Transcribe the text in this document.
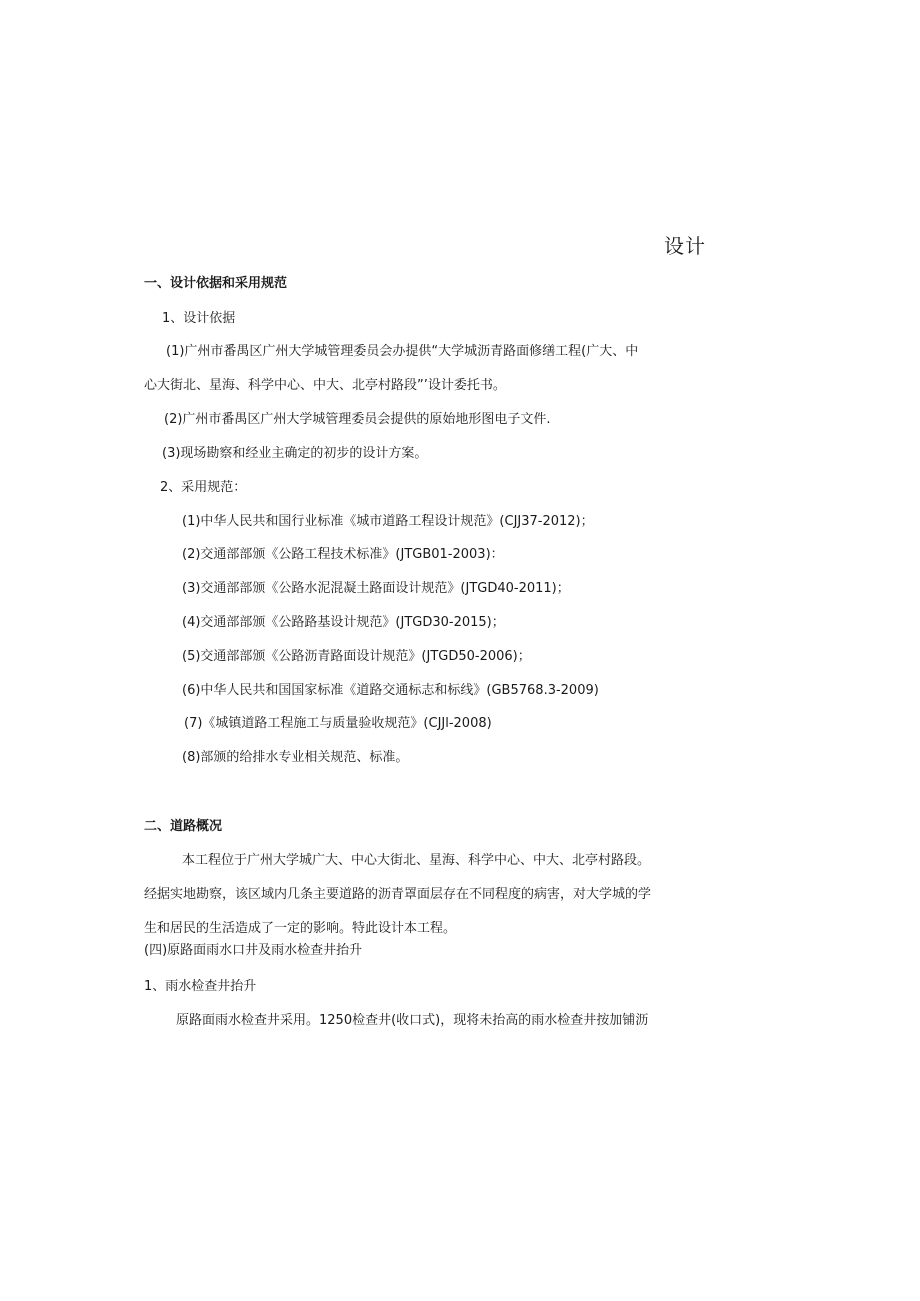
设计
一、设计依据和采用规范
1、设计依据
(1)广州市番禺区广州大学城管理委员会办提供“大学城沥青路面修缮工程(广大、中
心大街北、星海、科学中心、中大、北亭村路段”’设计委托书。
(2)广州市番禺区广州大学城管理委员会提供的原始地形图电子文件.
(3)现场勘察和经业主确定的初步的设计方案。
2、采用规范：
(1)中华人民共和国行业标准《城市道路工程设计规范》(CJJ37-2012)；
(2)交通部部颁《公路工程技术标准》(JTGB01-2003)：
(3)交通部部颁《公路水泥混凝土路面设计规范》(JTGD40-2011)；
(4)交通部部颁《公路路基设计规范》(JTGD30-2015)；
(5)交通部部颁《公路沥青路面设计规范》(JTGD50-2006)；
(6)中华人民共和国国家标准《道路交通标志和标线》(GB5768.3-2009)
(7)《城镇道路工程施工与质量验收规范》(CJJl-2008)
(8)部颁的给排水专业相关规范、标准。
二、道路概况
本工程位于广州大学城广大、中心大街北、星海、科学中心、中大、北亭村路段。
经据实地勘察，该区域内几条主要道路的沥青罩面层存在不同程度的病害，对大学城的学
生和居民的生活造成了一定的影响。特此设计本工程。
(四)原路面雨水口井及雨水检查井抬升
1、雨水检查井抬升
原路面雨水检查井采用。1250检查井(收口式)，现将未抬高的雨水检查井按加铺沥
